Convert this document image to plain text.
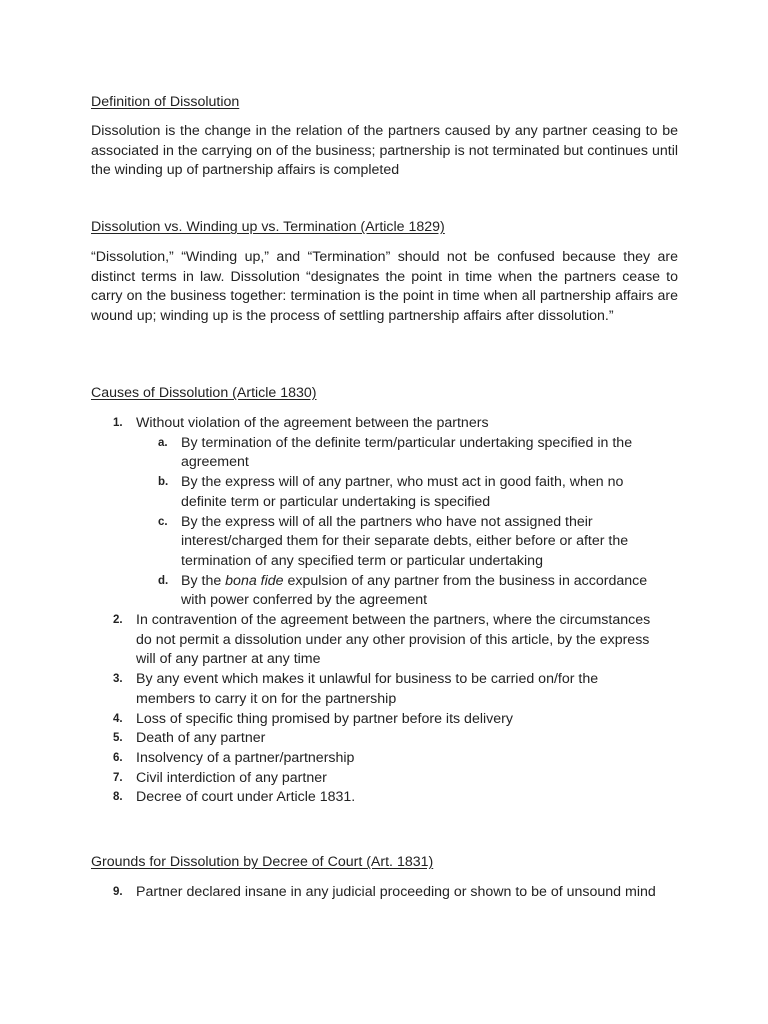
Definition of Dissolution

Dissolution is the change in the relation of the partners caused by any partner ceasing to be associated in the carrying on of the business; partnership is not terminated but continues until the winding up of partnership affairs is completed

Dissolution vs. Winding up vs. Termination (Article 1829)

“Dissolution,” “Winding up,” and “Termination” should not be confused because they are distinct terms in law. Dissolution “designates the point in time when the partners cease to carry on the business together: termination is the point in time when all partnership affairs are wound up; winding up is the process of settling partnership affairs after dissolution.”

Causes of Dissolution (Article 1830)
1. Without violation of the agreement between the partners
a. By termination of the definite term/particular undertaking specified in the agreement
b. By the express will of any partner, who must act in good faith, when no definite term or particular undertaking is specified
c. By the express will of all the partners who have not assigned their interest/charged them for their separate debts, either before or after the termination of any specified term or particular undertaking
d. By the bona fide expulsion of any partner from the business in accordance with power conferred by the agreement
2. In contravention of the agreement between the partners, where the circumstances do not permit a dissolution under any other provision of this article, by the express will of any partner at any time
3. By any event which makes it unlawful for business to be carried on/for the members to carry it on for the partnership
4. Loss of specific thing promised by partner before its delivery
5. Death of any partner
6. Insolvency of a partner/partnership
7. Civil interdiction of any partner
8. Decree of court under Article 1831.
Grounds for Dissolution by Decree of Court (Art. 1831)
9. Partner declared insane in any judicial proceeding or shown to be of unsound mind
